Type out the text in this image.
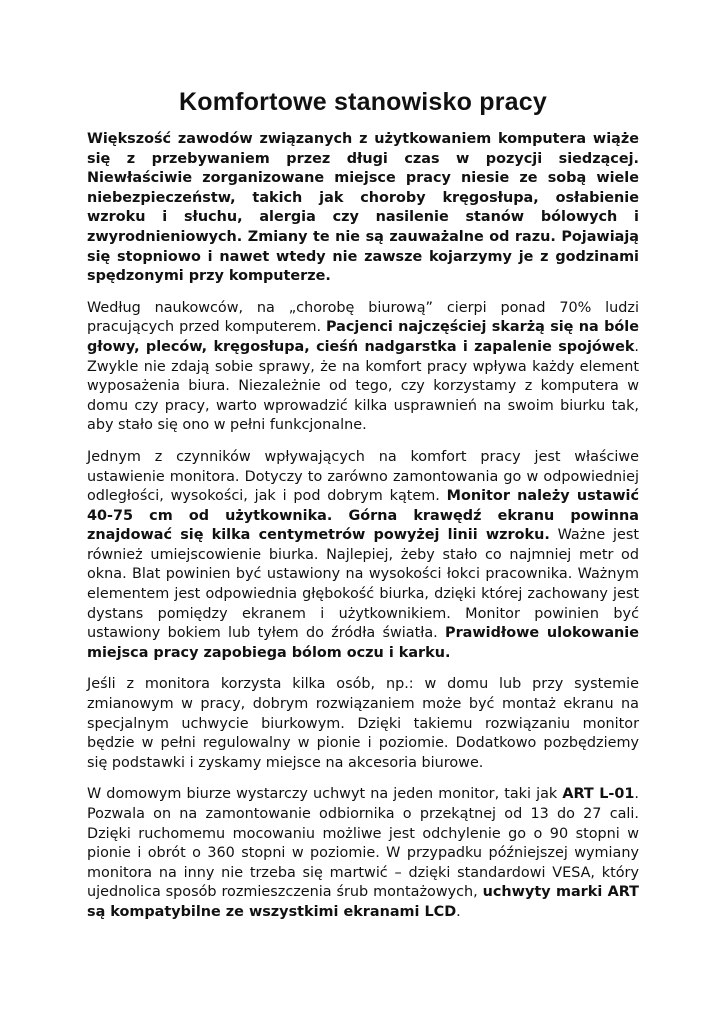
Komfortowe stanowisko pracy

Większość zawodów związanych z użytkowaniem komputera wiąże się z przebywaniem przez długi czas w pozycji siedzącej. Niewłaściwie zorganizowane miejsce pracy niesie ze sobą wiele niebezpieczeństw, takich jak choroby kręgosłupa, osłabienie wzroku i słuchu, alergia czy nasilenie stanów bólowych i zwyrodnieniowych. Zmiany te nie są zauważalne od razu. Pojawiają się stopniowo i nawet wtedy nie zawsze kojarzymy je z godzinami spędzonymi przy komputerze.

Według naukowców, na „chorobę biurową” cierpi ponad 70% ludzi pracujących przed komputerem. Pacjenci najczęściej skarżą się na bóle głowy, pleców, kręgosłupa, cieśń nadgarstka i zapalenie spojówek. Zwykle nie zdają sobie sprawy, że na komfort pracy wpływa każdy element wyposażenia biura. Niezależnie od tego, czy korzystamy z komputera w domu czy pracy, warto wprowadzić kilka usprawnień na swoim biurku tak, aby stało się ono w pełni funkcjonalne.

Jednym z czynników wpływających na komfort pracy jest właściwe ustawienie monitora. Dotyczy to zarówno zamontowania go w odpowiedniej odległości, wysokości, jak i pod dobrym kątem. Monitor należy ustawić 40-75 cm od użytkownika. Górna krawędź ekranu powinna znajdować się kilka centymetrów powyżej linii wzroku. Ważne jest również umiejscowienie biurka. Najlepiej, żeby stało co najmniej metr od okna. Blat powinien być ustawiony na wysokości łokci pracownika. Ważnym elementem jest odpowiednia głębokość biurka, dzięki której zachowany jest dystans pomiędzy ekranem i użytkownikiem. Monitor powinien być ustawiony bokiem lub tyłem do źródła światła. Prawidłowe ulokowanie miejsca pracy zapobiega bólom oczu i karku.

Jeśli z monitora korzysta kilka osób, np.: w domu lub przy systemie zmianowym w pracy, dobrym rozwiązaniem może być montaż ekranu na specjalnym uchwycie biurkowym. Dzięki takiemu rozwiązaniu monitor będzie w pełni regulowalny w pionie i poziomie. Dodatkowo pozbędziemy się podstawki i zyskamy miejsce na akcesoria biurowe.

W domowym biurze wystarczy uchwyt na jeden monitor, taki jak ART L-01. Pozwala on na zamontowanie odbiornika o przekątnej od 13 do 27 cali. Dzięki ruchomemu mocowaniu możliwe jest odchylenie go o 90 stopni w pionie i obrót o 360 stopni w poziomie. W przypadku późniejszej wymiany monitora na inny nie trzeba się martwić – dzięki standardowi VESA, który ujednolica sposób rozmieszczenia śrub montażowych, uchwyty marki ART są kompatybilne ze wszystkimi ekranami LCD.
